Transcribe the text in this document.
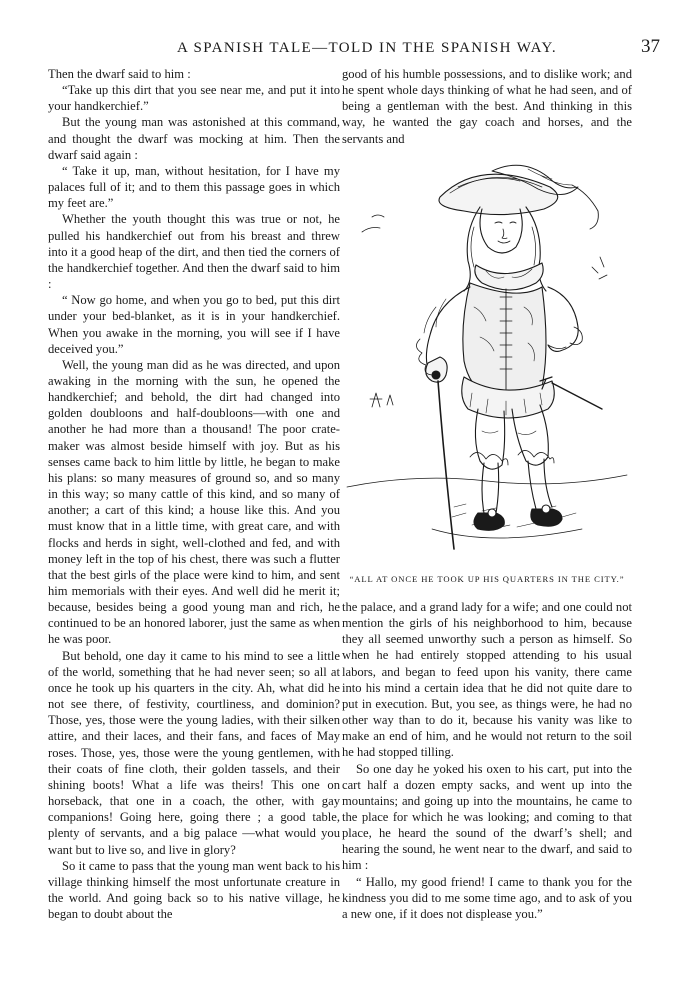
A SPANISH TALE—TOLD IN THE SPANISH WAY.	37

Then the dwarf said to him :

“Take up this dirt that you see near me, and put it into your handkerchief.”

But the young man was astonished at this command, and thought the dwarf was mocking at him. Then the dwarf said again :

“ Take it up, man, without hesitation, for I have my palaces full of it; and to them this passage goes in which my feet are.”

Whether the youth thought this was true or not, he pulled his handkerchief out from his breast and threw into it a good heap of the dirt, and then tied the corners of the handkerchief together. And then the dwarf said to him :

“ Now go home, and when you go to bed, put this dirt under your bed-blanket, as it is in your handkerchief. When you awake in the morning, you will see if I have deceived you.”

Well, the young man did as he was directed, and upon awaking in the morning with the sun, he opened the handkerchief; and behold, the dirt had changed into golden doubloons and half-doubloons—with one and another he had more than a thousand! The poor crate-maker was almost beside himself with joy. But as his senses came back to him little by little, he began to make his plans: so many measures of ground so, and so many in this way; so many cattle of this kind, and so many of another; a cart of this kind; a house like this. And you must know that in a little time, with great care, and with flocks and herds in sight, well-clothed and fed, and with money left in the top of his chest, there was such a flutter that the best girls of the place were kind to him, and sent him memorials with their eyes. And well did he merit it; because, besides being a good young man and rich, he continued to be an honored laborer, just the same as when he was poor.

But behold, one day it came to his mind to see a little of the world, something that he had never seen; so all at once he took up his quarters in the city. Ah, what did he not see there, of festivity, courtliness, and dominion? Those, yes, those were the young ladies, with their silken attire, and their laces, and their fans, and faces of May roses. Those, yes, those were the young gentlemen, with their coats of fine cloth, their golden tassels, and their shining boots! What a life was theirs! This one on horseback, that one in a coach, the other, with gay companions! Going here, going there ; a good table, plenty of servants, and a big palace —what would you want but to live so, and live in glory?

So it came to pass that the young man went back to his village thinking himself the most unfortunate creature in the world. And going back so to his native village, he began to doubt about the

good of his humble possessions, and to dislike work; and he spent whole days thinking of what he had seen, and of being a gentleman with the best. And thinking in this way, he wanted the gay coach and horses, and the servants and

“ALL AT ONCE HE TOOK UP HIS QUARTERS IN THE CITY.”

the palace, and a grand lady for a wife; and one could not mention the girls of his neighborhood to him, because they all seemed unworthy such a person as himself. So when he had entirely stopped attending to his usual labors, and began to feed upon his vanity, there came into his mind a certain idea that he did not quite dare to put in execution. But, you see, as things were, he had no other way than to do it, because his vanity was like to make an end of him, and he would not return to the soil he had stopped tilling.

So one day he yoked his oxen to his cart, put into the cart half a dozen empty sacks, and went up into the mountains; and going up into the mountains, he came to the place for which he was looking; and coming to that place, he heard the sound of the dwarf’s shell; and hearing the sound, he went near to the dwarf, and said to him :

“ Hallo, my good friend! I came to thank you for the kindness you did to me some time ago, and to ask of you a new one, if it does not displease you.”
